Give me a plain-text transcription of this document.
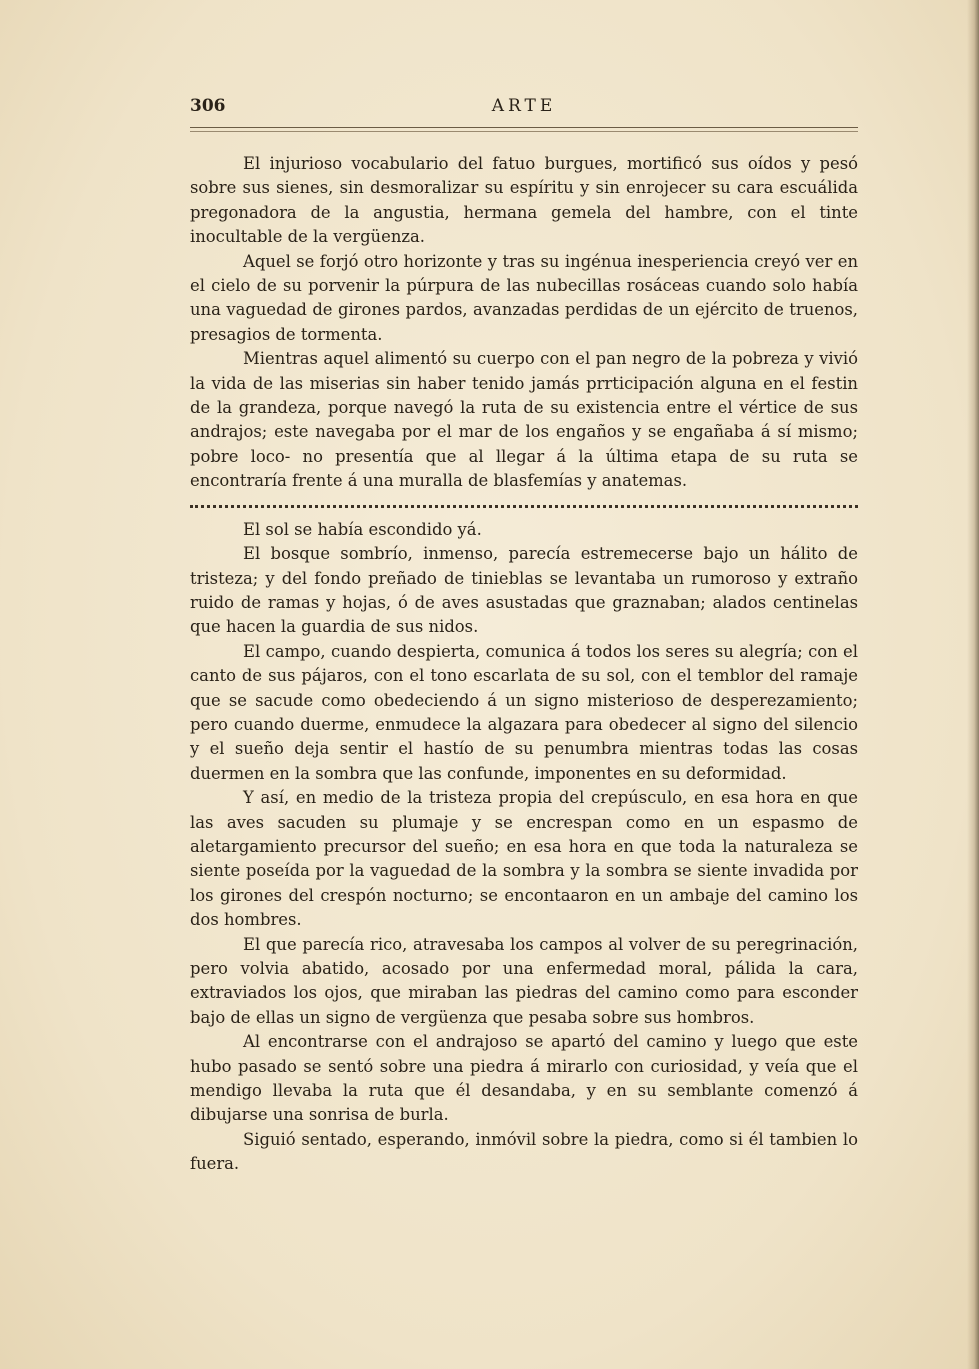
306	ARTE

El injurioso vocabulario del fatuo burgues, mortificó sus oídos y pesó sobre sus sienes, sin desmoralizar su espíritu y sin enrojecer su cara escuálida pregonadora de la angustia, hermana gemela del hambre, con el tinte inocultable de la vergüenza.

Aquel se forjó otro horizonte y tras su ingénua inesperiencia creyó ver en el cielo de su porvenir la púrpura de las nubecillas rosáceas cuando solo había una vaguedad de girones pardos, avanzadas perdidas de un ejército de truenos, presagios de tormenta.

Mientras aquel alimentó su cuerpo con el pan negro de la pobreza y vivió la vida de las miserias sin haber tenido jamás prrticipación alguna en el festin de la grandeza, porque navegó la ruta de su existencia entre el vértice de sus andrajos; este navegaba por el mar de los engaños y se engañaba á sí mismo; pobre loco- no presentía que al llegar á la última etapa de su ruta se encontraría frente á una muralla de blasfemías y anatemas.

El sol se había escondido yá.

El bosque sombrío, inmenso, parecía estremecerse bajo un hálito de tristeza; y del fondo preñado de tinieblas se levantaba un rumoroso y extraño ruido de ramas y hojas, ó de aves asustadas que graznaban; alados centinelas que hacen la guardia de sus nidos.

El campo, cuando despierta, comunica á todos los seres su alegría; con el canto de sus pájaros, con el tono escarlata de su sol, con el temblor del ramaje que se sacude como obedeciendo á un signo misterioso de desperezamiento; pero cuando duerme, enmudece la algazara para obedecer al signo del silencio y el sueño deja sentir el hastío de su penumbra mientras todas las cosas duermen en la sombra que las confunde, imponentes en su deformidad.

Y así, en medio de la tristeza propia del crepúsculo, en esa hora en que las aves sacuden su plumaje y se encrespan como en un espasmo de aletargamiento precursor del sueño; en esa hora en que toda la naturaleza se siente poseída por la vaguedad de la sombra y la sombra se siente invadida por los girones del crespón nocturno; se encontaaron en un ambaje del camino los dos hombres.

El que parecía rico, atravesaba los campos al volver de su peregrinación, pero volvia abatido, acosado por una enfermedad moral, pálida la cara, extraviados los ojos, que miraban las piedras del camino como para esconder bajo de ellas un signo de vergüenza que pesaba sobre sus hombros.

Al encontrarse con el andrajoso se apartó del camino y luego que este hubo pasado se sentó sobre una piedra á mirarlo con curiosidad, y veía que el mendigo llevaba la ruta que él desandaba, y en su semblante comenzó á dibujarse una sonrisa de burla.

Siguió sentado, esperando, inmóvil sobre la piedra, como si él tambien lo fuera.
